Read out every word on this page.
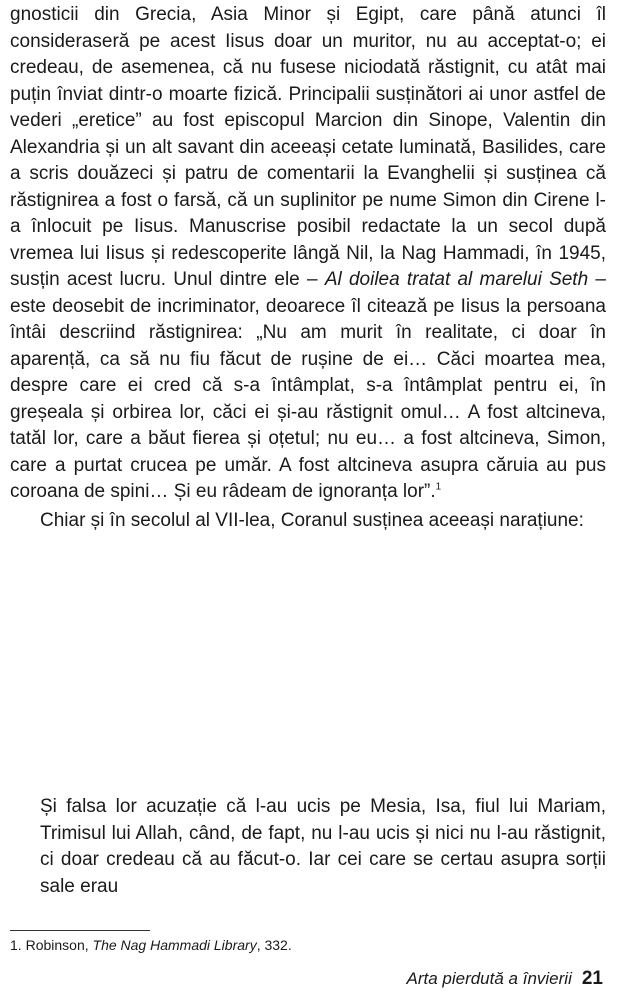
gnosticii din Grecia, Asia Minor și Egipt, care până atunci îl consideraseră pe acest Iisus doar un muritor, nu au acceptat-o; ei credeau, de asemenea, că nu fusese niciodată răstignit, cu atât mai puțin înviat dintr-o moarte fizică. Principalii susținători ai unor astfel de vederi „eretice” au fost episcopul Marcion din Sinope, Valentin din Alexandria și un alt savant din aceeași cetate luminată, Basilides, care a scris douăzeci și patru de comentarii la Evanghelii și susținea că răstignirea a fost o farsă, că un suplinitor pe nume Simon din Cirene l-a înlocuit pe Iisus. Manuscrise posibil redactate la un secol după vremea lui Iisus și redescoperite lângă Nil, la Nag Hammadi, în 1945, susțin acest lucru. Unul dintre ele – Al doilea tratat al marelui Seth – este deosebit de incriminator, deoarece îl citează pe Iisus la persoana întâi descriind răstignirea: „Nu am murit în realitate, ci doar în aparență, ca să nu fiu făcut de rușine de ei… Căci moartea mea, despre care ei cred că s-a întâmplat, s-a întâmplat pentru ei, în greșeala și orbirea lor, căci ei și-au răstignit omul… A fost altcineva, tatăl lor, care a băut fierea și oțetul; nu eu… a fost altcineva, Simon, care a purtat crucea pe umăr. A fost altcineva asupra căruia au pus coroana de spini… Și eu râdeam de ignoranța lor”.$^1$

Chiar și în secolul al VII-lea, Coranul susținea aceeași narațiune:

Și falsa lor acuzație că l-au ucis pe Mesia, Isa, fiul lui Mariam, Trimisul lui Allah, când, de fapt, nu l-au ucis și nici nu l-au răstignit, ci doar credeau că au făcut-o. Iar cei care se certau asupra sorții sale erau

1. Robinson, The Nag Hammadi Library, 332.

Arta pierdută a învierii 21
